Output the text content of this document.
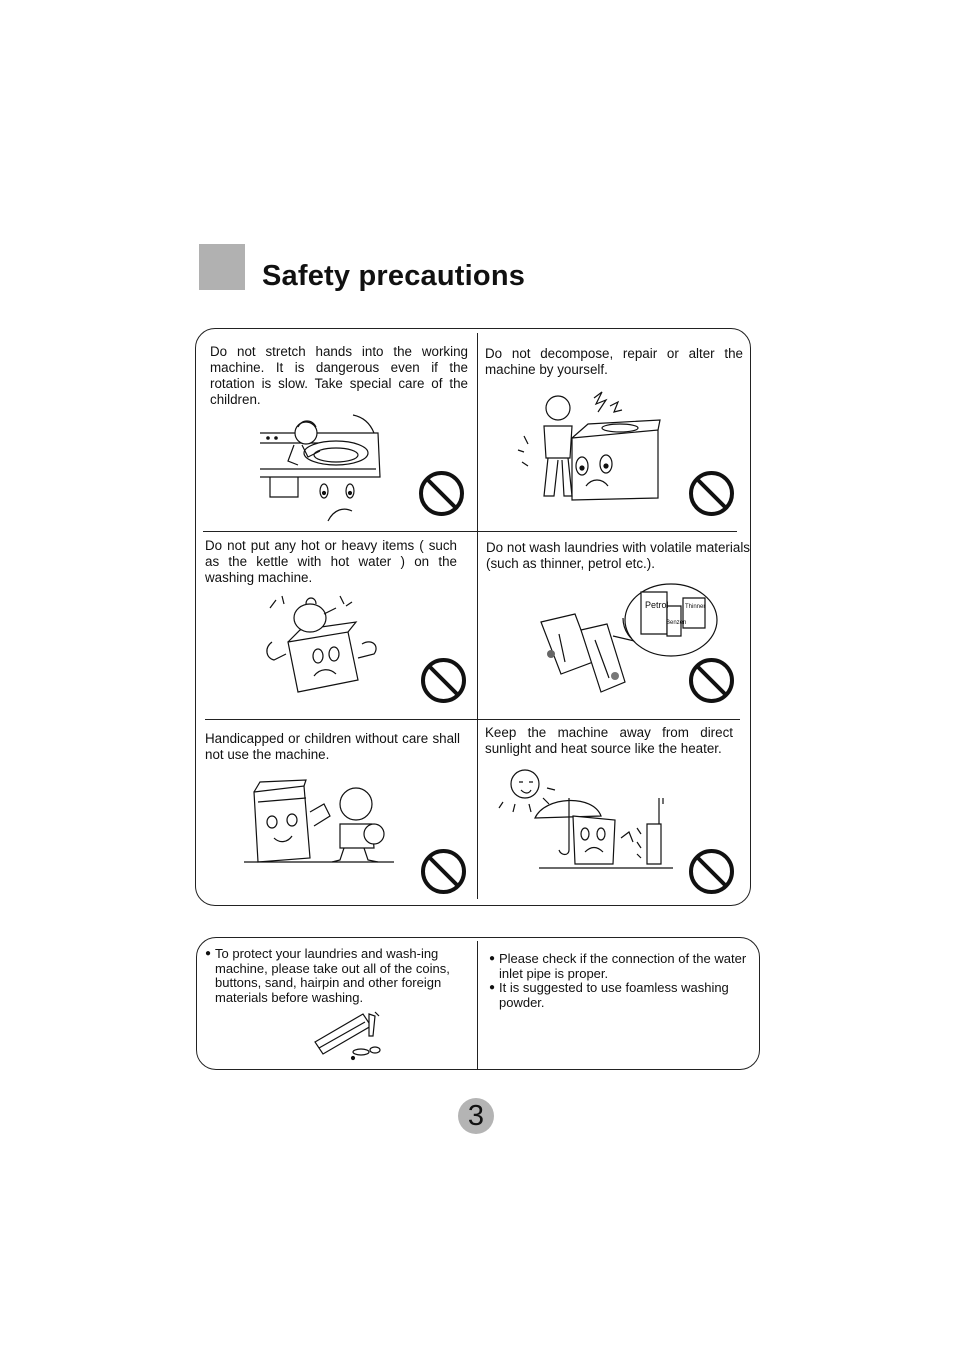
Safety precautions
Do not stretch hands into the working machine. It is dangerous even if the rotation is slow. Take special care of the children.
Do not decompose, repair or alter the machine by yourself.
Do not put any hot or heavy items ( such as the kettle with hot water ) on the washing machine.
Do not wash laundries with volatile materials (such as thinner, petrol etc.).
Handicapped or children without care shall not use the machine.
Keep the machine away from direct sunlight and heat source like the heater.
Petrol
Benzen
Thinner
● To protect your laundries and wash-ing machine, please take out all of the coins, buttons, sand, hairpin and other foreign materials before washing.
● Please check if the connection of the water inlet pipe is proper.
● It is suggested to use foamless washing powder.
3
